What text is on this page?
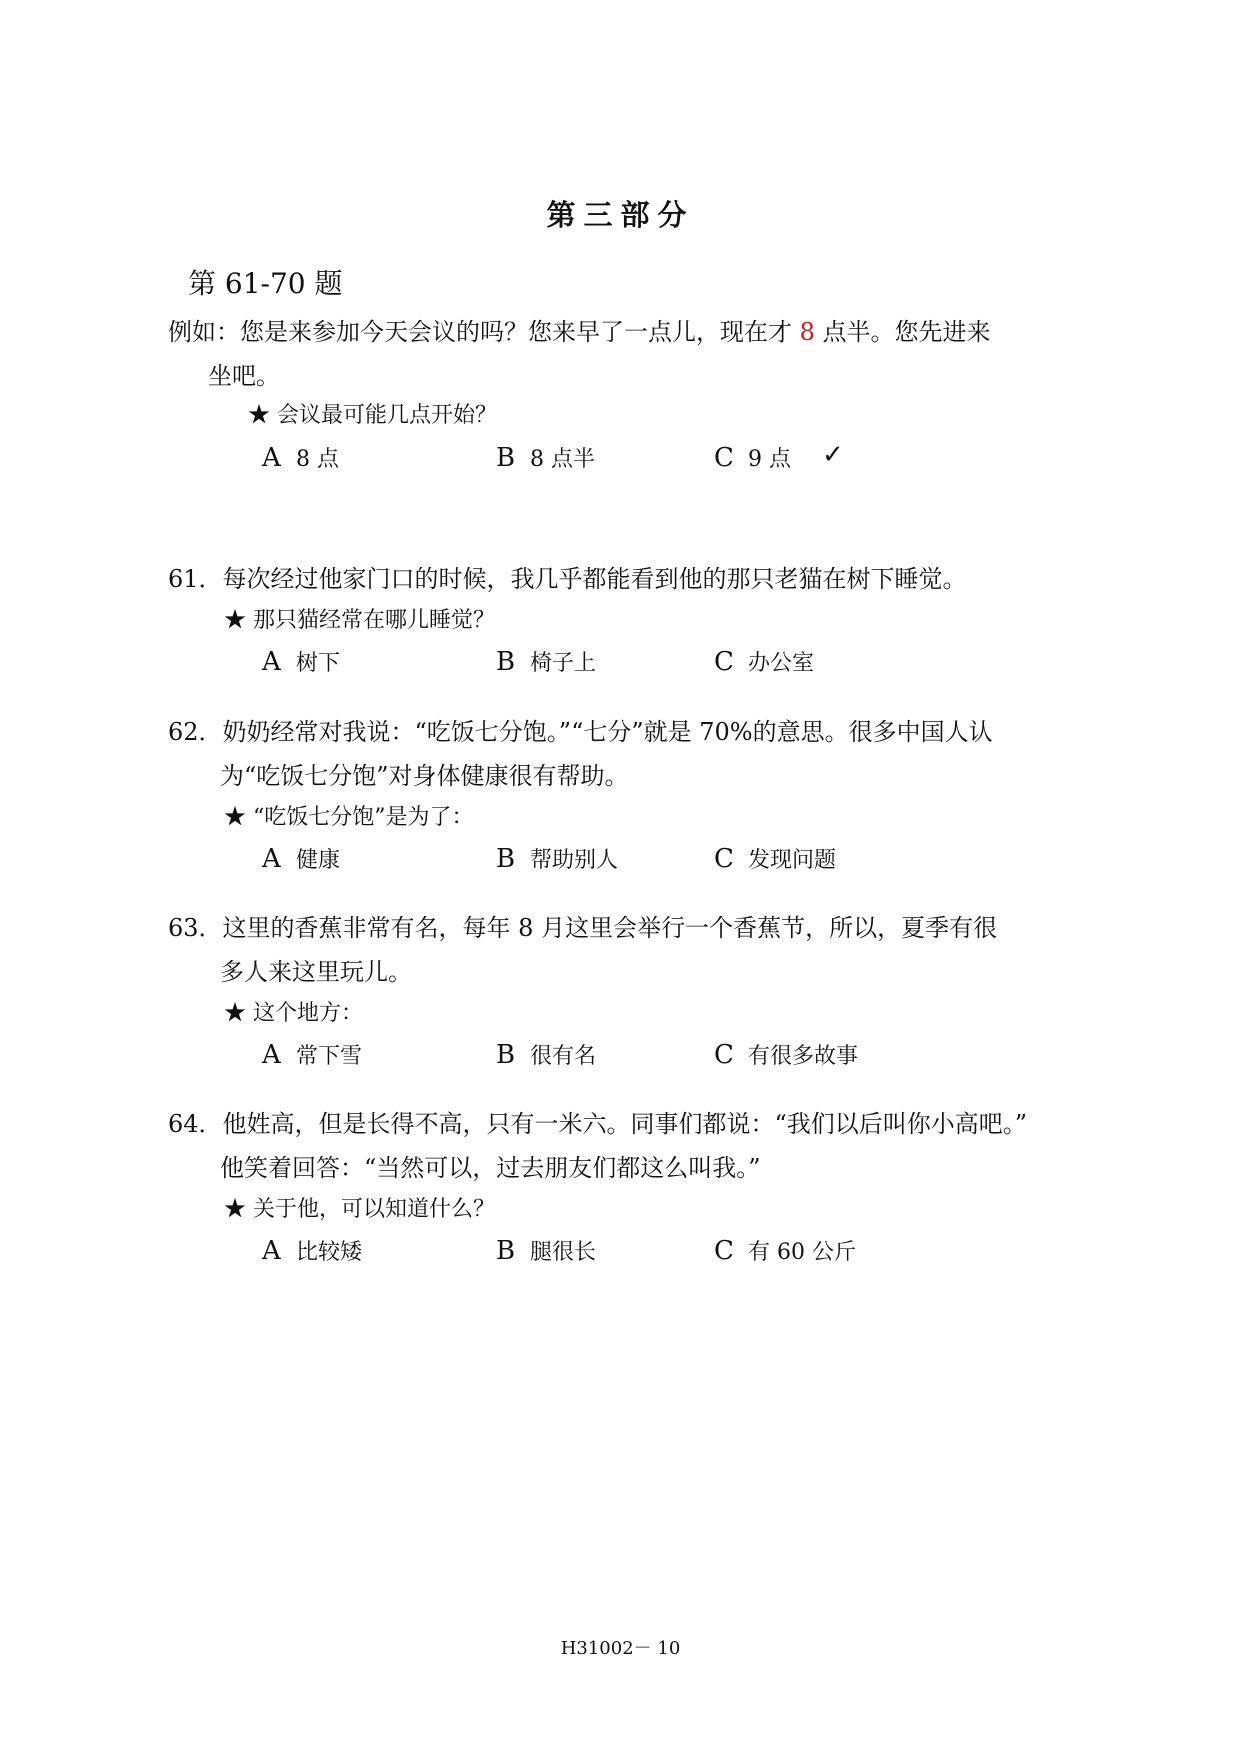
第三部分
第 61-70 题
例如：您是来参加今天会议的吗？您来早了一点儿，现在才 8 点半。您先进来
坐吧。
★ 会议最可能几点开始？
A 8 点	B 8 点半	C 9 点 ✓
61．每次经过他家门口的时候，我几乎都能看到他的那只老猫在树下睡觉。
★ 那只猫经常在哪儿睡觉？
A 树下	B 椅子上	C 办公室
62．奶奶经常对我说：“吃饭七分饱。”“七分”就是 70%的意思。很多中国人认
为“吃饭七分饱”对身体健康很有帮助。
★ “吃饭七分饱”是为了：
A 健康	B 帮助别人	C 发现问题
63．这里的香蕉非常有名，每年 8 月这里会举行一个香蕉节，所以，夏季有很
多人来这里玩儿。
★ 这个地方：
A 常下雪	B 很有名	C 有很多故事
64．他姓高，但是长得不高，只有一米六。同事们都说：“我们以后叫你小高吧。”
他笑着回答：“当然可以，过去朋友们都这么叫我。”
★ 关于他，可以知道什么？
A 比较矮	B 腿很长	C 有 60 公斤
H31002－ 10
